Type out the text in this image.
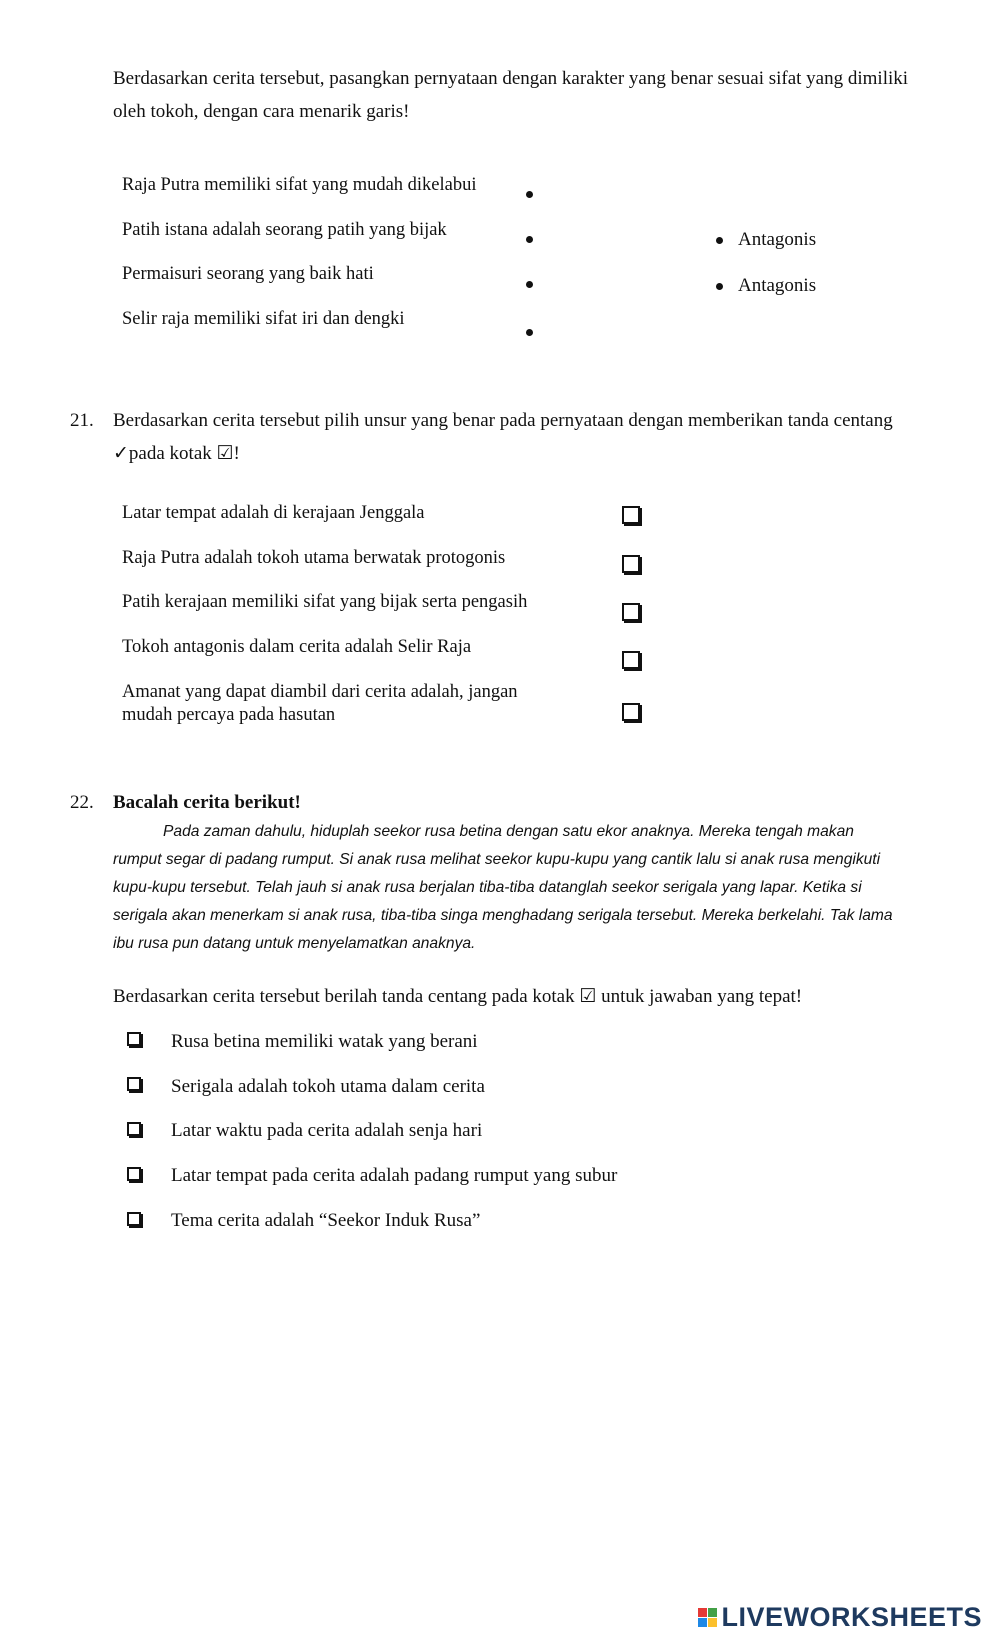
Berdasarkan cerita tersebut, pasangkan pernyataan dengan karakter yang benar sesuai sifat yang dimiliki
oleh tokoh, dengan cara menarik garis!
Raja Putra memiliki sifat yang mudah dikelabui
Patih istana adalah seorang patih yang bijak
Permaisuri seorang yang baik hati
Selir raja memiliki sifat iri dan dengki
Antagonis
Antagonis
21. Berdasarkan cerita tersebut pilih unsur yang benar pada pernyataan dengan memberikan tanda centang
✓pada kotak ☑!
Latar tempat adalah di kerajaan Jenggala
Raja Putra adalah tokoh utama berwatak protogonis
Patih kerajaan memiliki sifat yang bijak serta pengasih
Tokoh antagonis dalam cerita adalah Selir Raja
Amanat yang dapat diambil dari cerita adalah, jangan
mudah percaya pada hasutan
22. Bacalah cerita berikut!
Pada zaman dahulu, hiduplah seekor rusa betina dengan satu ekor anaknya. Mereka tengah makan
rumput segar di padang rumput. Si anak rusa melihat seekor kupu-kupu yang cantik lalu si anak rusa mengikuti
kupu-kupu tersebut. Telah jauh si anak rusa berjalan tiba-tiba datanglah seekor serigala yang lapar. Ketika si
serigala akan menerkam si anak rusa, tiba-tiba singa menghadang serigala tersebut. Mereka berkelahi. Tak lama
ibu rusa pun datang untuk menyelamatkan anaknya.
Berdasarkan cerita tersebut berilah tanda centang pada kotak ☑ untuk jawaban yang tepat!
Rusa betina memiliki watak yang berani
Serigala adalah tokoh utama dalam cerita
Latar waktu pada cerita adalah senja hari
Latar tempat pada cerita adalah padang rumput yang subur
Tema cerita adalah “Seekor Induk Rusa”
LIVEWORKSHEETS
